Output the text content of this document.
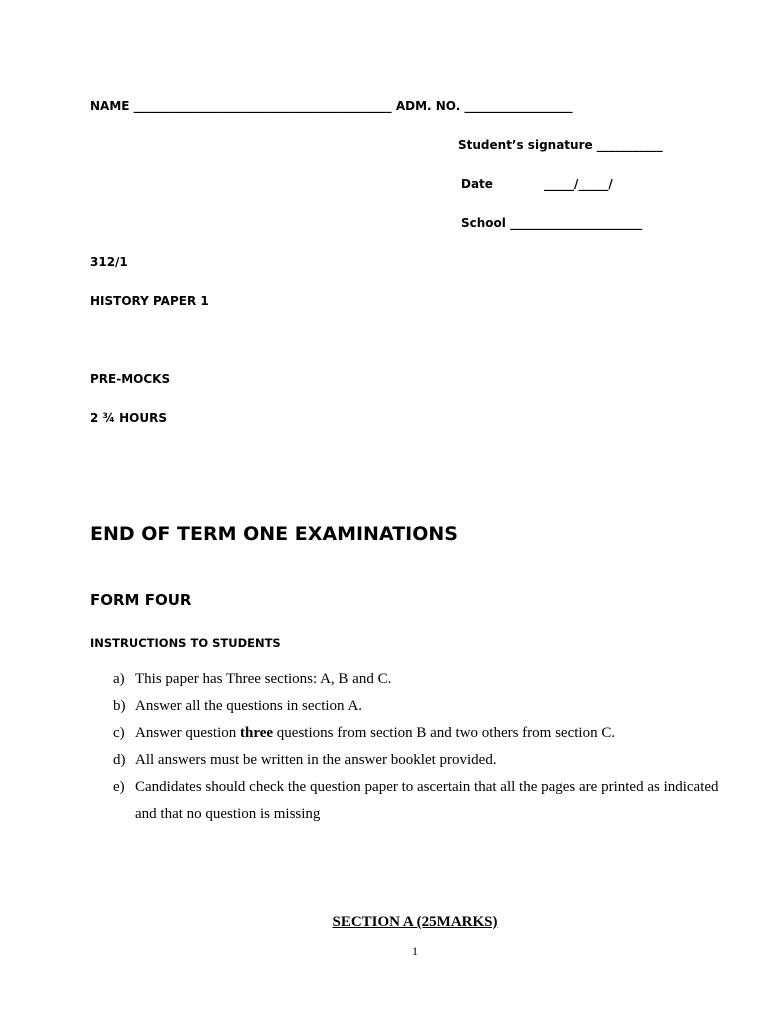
NAME ___________________________________________ ADM. NO. __________________
Student’s signature ___________
Date	_____/_____/
School ______________________
312/1
HISTORY PAPER 1
PRE-MOCKS
2 ¾ HOURS
END OF TERM ONE EXAMINATIONS
FORM FOUR
INSTRUCTIONS TO STUDENTS
a) This paper has Three sections: A, B and C.
b) Answer all the questions in section A.
c) Answer question three questions from section B and two others from section C.
d) All answers must be written in the answer booklet provided.
e) Candidates should check the question paper to ascertain that all the pages are printed as indicated and that no question is missing
SECTION A (25MARKS)
1
